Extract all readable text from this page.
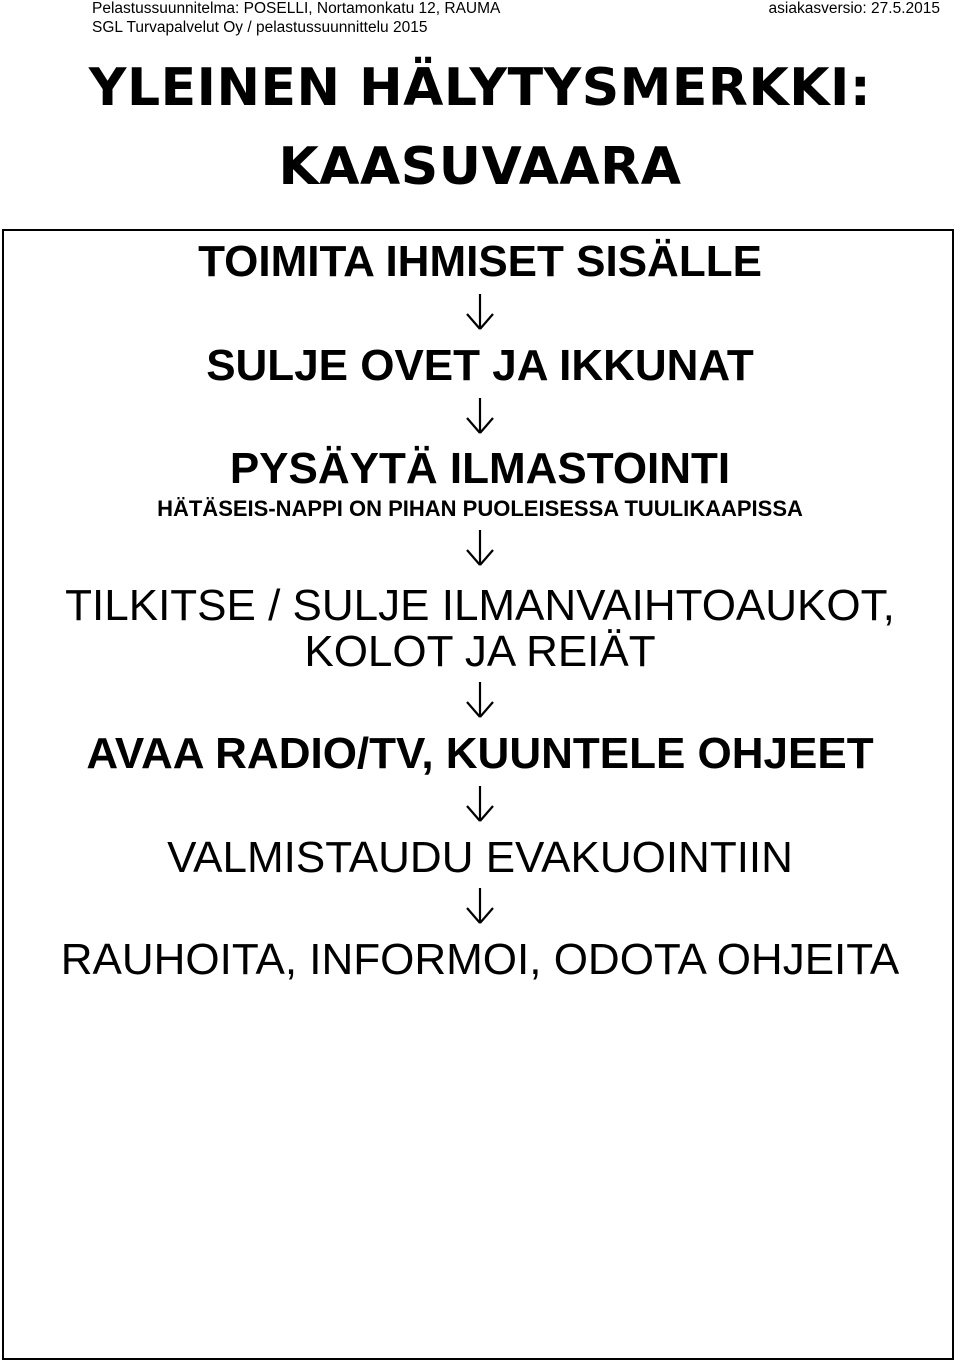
Pelastussuunnitelma: POSELLI, Nortamonkatu 12, RAUMA	asiakasversio: 27.5.2015
SGL Turvapalvelut Oy / pelastussuunnittelu 2015
YLEINEN HÄLYTYSMERKKI:
KAASUVAARA
TOIMITA IHMISET SISÄLLE
SULJE OVET JA IKKUNAT
PYSÄYTÄ ILMASTOINTI
HÄTÄSEIS-NAPPI ON PIHAN PUOLEISESSA TUULIKAAPISSA
TILKITSE / SULJE ILMANVAIHTOAUKOT,
KOLOT JA REIÄT
AVAA RADIO/TV, KUUNTELE OHJEET
VALMISTAUDU EVAKUOINTIIN
RAUHOITA, INFORMOI, ODOTA OHJEITA
